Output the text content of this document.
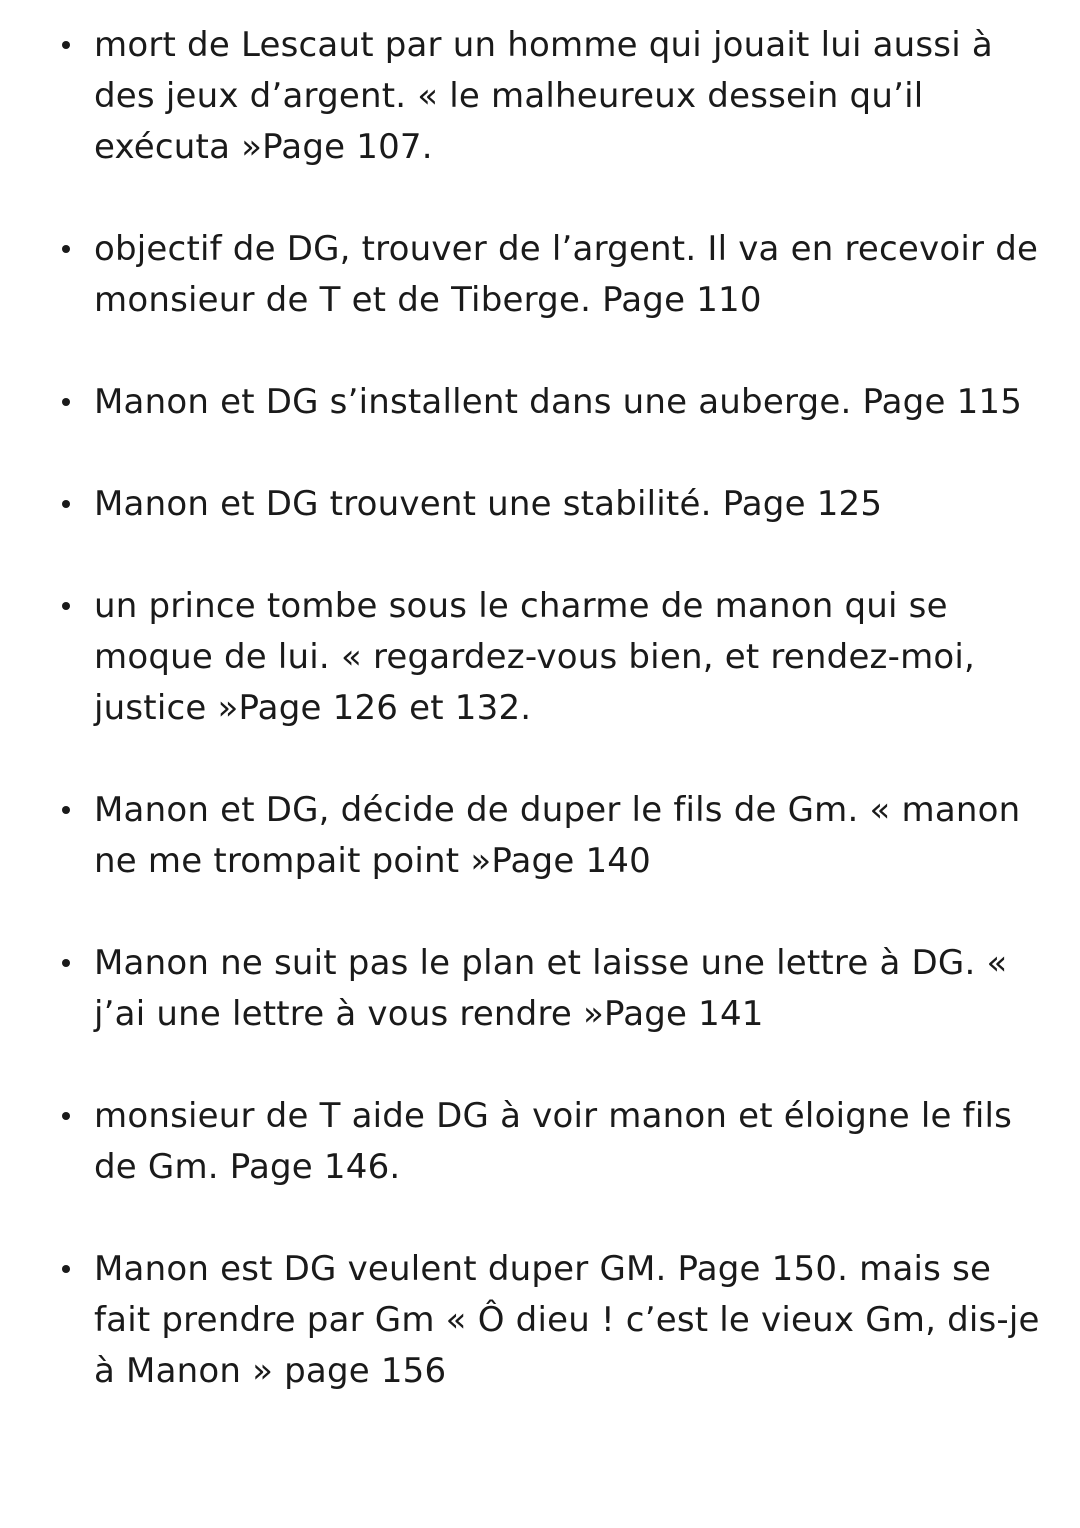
mort de Lescaut par un homme qui jouait lui aussi à des jeux d’argent. « le malheureux dessein qu’il exécuta »Page 107.
objectif de DG, trouver de l’argent. Il va en recevoir de monsieur de T et de Tiberge. Page 110
Manon et DG s’installent dans une auberge. Page 115
Manon et DG trouvent une stabilité. Page 125
un prince tombe sous le charme de manon qui se moque de lui. « regardez-vous bien, et rendez-moi, justice »Page 126 et 132.
Manon et DG, décide de duper le fils de Gm. « manon ne me trompait point »Page 140
Manon ne suit pas le plan et laisse une lettre à DG. « j’ai une lettre à vous rendre »Page 141
monsieur de T aide DG à voir manon et éloigne le fils de Gm. Page 146.
Manon est DG veulent duper GM. Page 150. mais se fait prendre par Gm « Ô dieu ! c’est le vieux Gm, dis-je à Manon » page 156
